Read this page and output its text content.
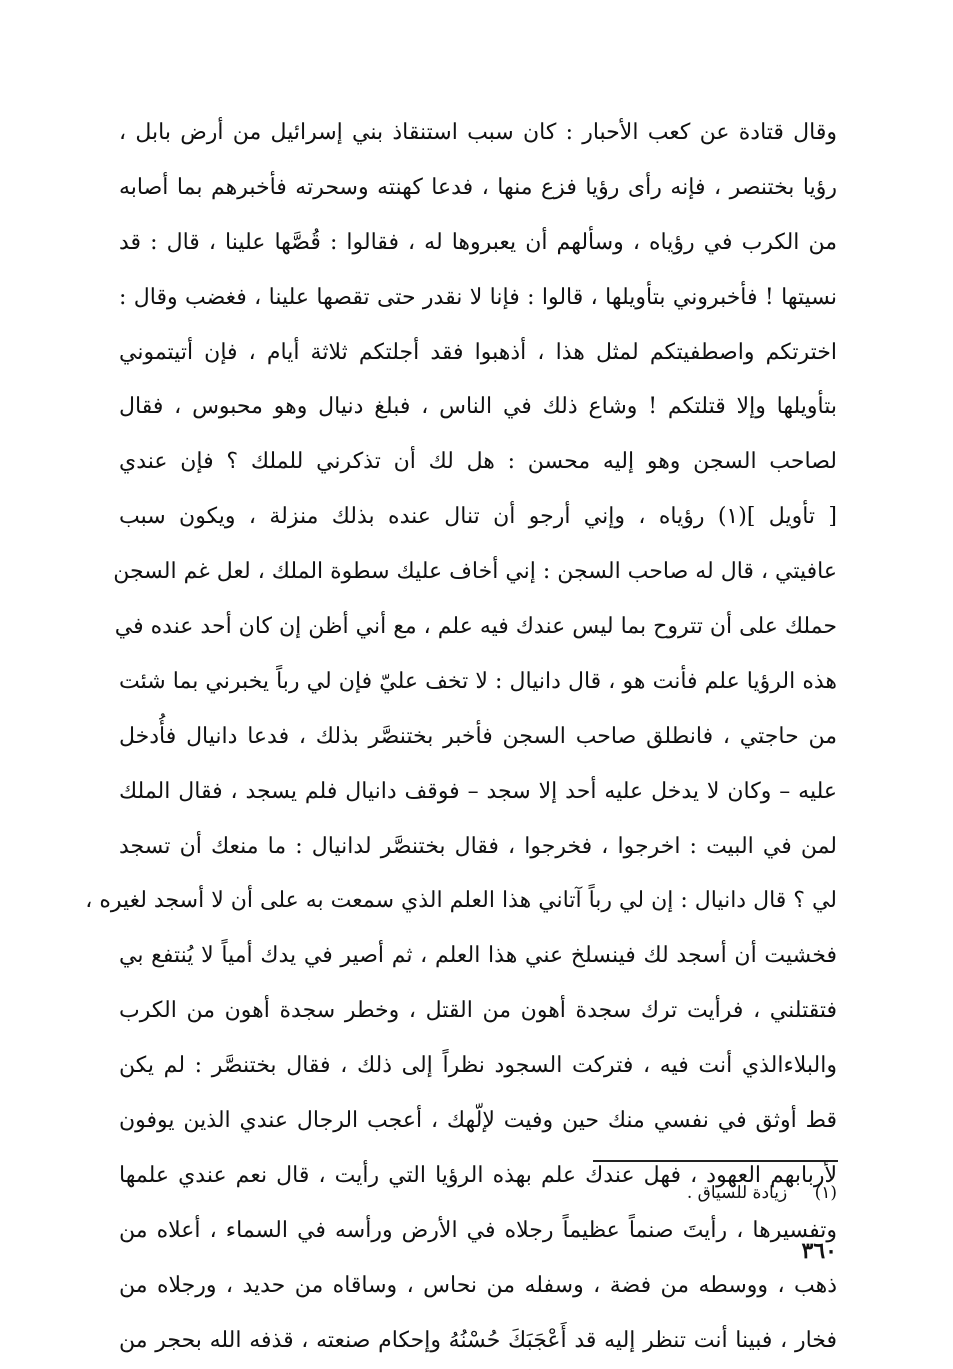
وقال قتادة عن كعب الأحبار : كان سبب استنقاذ بني إسرائيل من أرض بابل ،
رؤيا بختنصر ، فإنه رأى رؤيا فزع منها ، فدعا كهنته وسحرته فأخبرهم بما أصابه
من الكرب في رؤياه ، وسألهم أن يعبروها له ، فقالوا : قُصَّها علينا ، قال : قد
نسيتها ! فأخبروني بتأويلها ، قالوا : فإنا لا نقدر حتى تقصها علينا ، فغضب وقال :
اخترتكم واصطفيتكم لمثل هذا ، أذهبوا فقد أجلتكم ثلاثة أيام ، فإن أتيتموني
بتأويلها وإلا قتلتكم ! وشاع ذلك في الناس ، فبلغ دنيال وهو محبوس ، فقال
لصاحب السجن وهو إليه محسن : هل لك أن تذكرني للملك ؟ فإن عندي
[ تأويل ](١) رؤياه ، وإني أرجو أن تنال عنده بذلك منزلة ، ويكون سبب
عافيتي ، قال له صاحب السجن : إني أخاف عليك سطوة الملك ، لعل غم السجن
حملك على أن تتروح بما ليس عندك فيه علم ، مع أني أظن إن كان أحد عنده في
هذه الرؤيا علم فأنت هو ، قال دانيال : لا تخف عليّ فإن لي رباً يخبرني بما شئت
من حاجتي ، فانطلق صاحب السجن فأخبر بختنصَّر بذلك ، فدعا دانيال فأُدخل
عليه – وكان لا يدخل عليه أحد إلا سجد – فوقف دانيال فلم يسجد ، فقال الملك
لمن في البيت : اخرجوا ، فخرجوا ، فقال بختنصَّر لدانيال : ما منعك أن تسجد
لي ؟ قال دانيال : إن لي رباً آتاني هذا العلم الذي سمعت به على أن لا أسجد لغيره ،
فخشيت أن أسجد لك فينسلخ عني هذا العلم ، ثم أصير في يدك أمياً لا يُنتفع بي
فتقتلني ، فرأيت ترك سجدة أهون من القتل ، وخطر سجدة أهون من الكرب
والبلاءالذي أنت فيه ، فتركت السجود نظراً إلى ذلك ، فقال بختنصَّر : لم يكن
قط أوثق في نفسي منك حين وفيت لإلّهك ، أعجب الرجال عندي الذين يوفون
لأربابهم العهود ، فهل عندك علم بهذه الرؤيا التي رأيت ، قال نعم عندي علمها
وتفسيرها ، رأيتَ صنماً عظيماً رجلاه في الأرض ورأسه في السماء ، أعلاه من
ذهب ، ووسطه من فضة ، وسفله من نحاس ، وساقاه من حديد ، ورجلاه من
فخار ، فبينا أنت تنظر إليه قد أَعْجَبَكَ حُسْنُهُ وإحكام صنعته ، قذفه الله بحجر من
(١) زيادة للسياق .
٣٦٠
